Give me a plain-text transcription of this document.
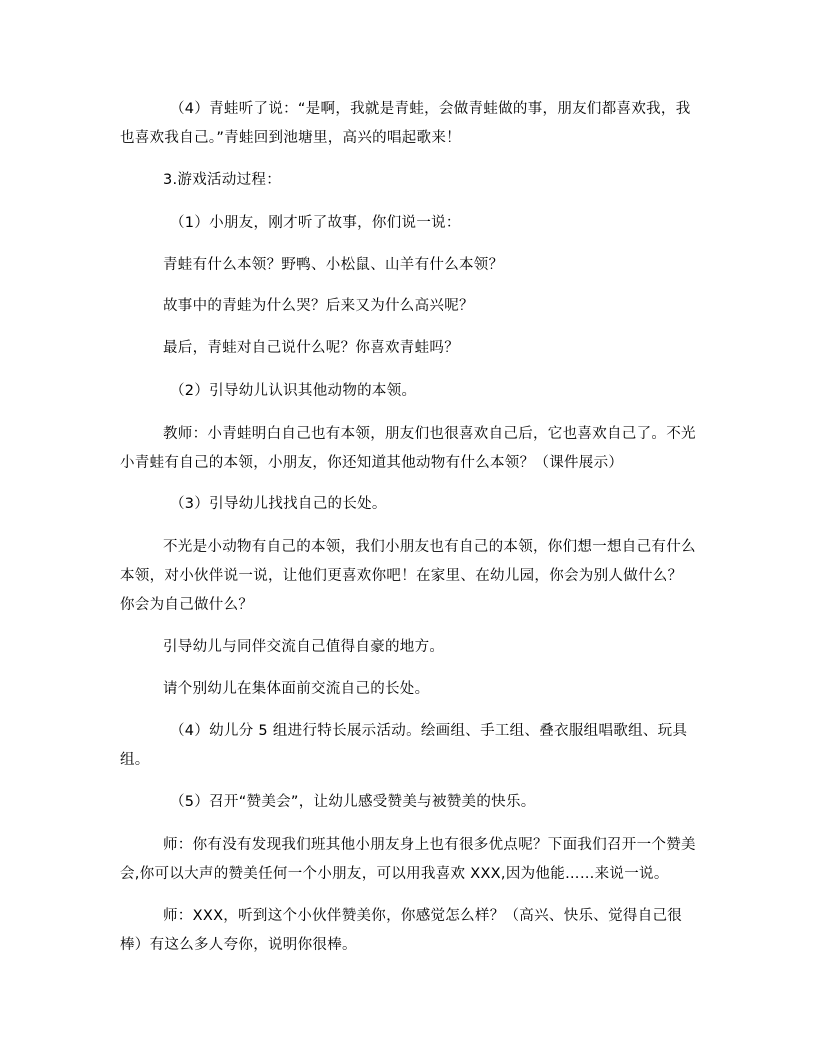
（4）青蛙听了说：“是啊，我就是青蛙，会做青蛙做的事，朋友们都喜欢我，我也喜欢我自己。”青蛙回到池塘里，高兴的唱起歌来！

3.游戏活动过程：

（1）小朋友，刚才听了故事，你们说一说：

青蛙有什么本领？野鸭、小松鼠、山羊有什么本领？

故事中的青蛙为什么哭？后来又为什么高兴呢？

最后，青蛙对自己说什么呢？你喜欢青蛙吗？

（2）引导幼儿认识其他动物的本领。

教师：小青蛙明白自己也有本领，朋友们也很喜欢自己后，它也喜欢自己了。不光小青蛙有自己的本领，小朋友，你还知道其他动物有什么本领？（课件展示）

（3）引导幼儿找找自己的长处。

不光是小动物有自己的本领，我们小朋友也有自己的本领，你们想一想自己有什么本领，对小伙伴说一说，让他们更喜欢你吧！在家里、在幼儿园，你会为别人做什么？你会为自己做什么？

引导幼儿与同伴交流自己值得自豪的地方。

请个别幼儿在集体面前交流自己的长处。

（4）幼儿分 5 组进行特长展示活动。绘画组、手工组、叠衣服组唱歌组、玩具组。

（5）召开“赞美会”，让幼儿感受赞美与被赞美的快乐。

师：你有没有发现我们班其他小朋友身上也有很多优点呢？下面我们召开一个赞美会,你可以大声的赞美任何一个小朋友，可以用我喜欢 XXX,因为他能……来说一说。

师：XXX，听到这个小伙伴赞美你，你感觉怎么样？（高兴、快乐、觉得自己很棒）有这么多人夸你，说明你很棒。
